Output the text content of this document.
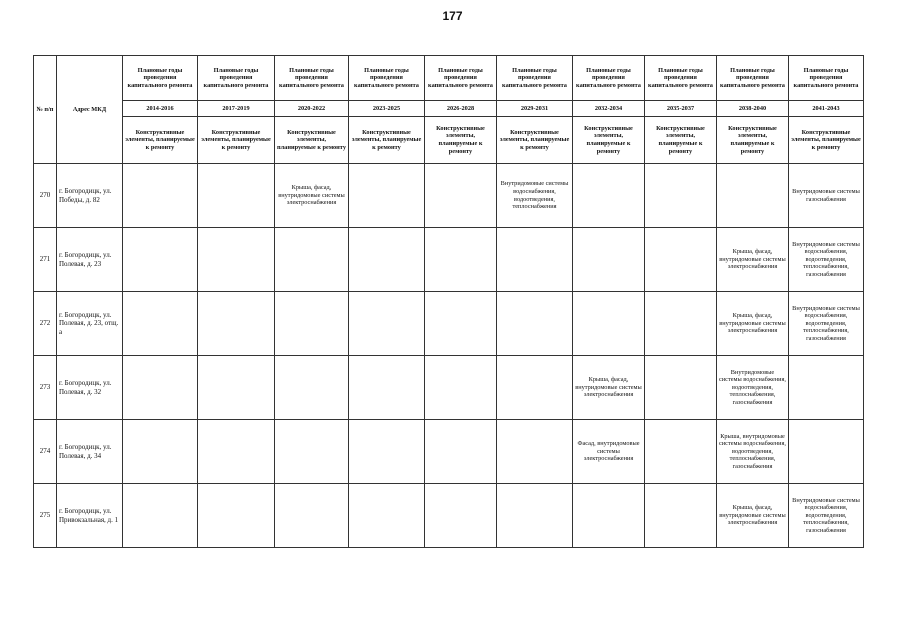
177
№ п/п	Адрес МКД	Плановые годы проведения капитального ремонта	Плановые годы проведения капитального ремонта	Плановые годы проведения капитального ремонта	Плановые годы проведения капитального ремонта	Плановые годы проведения капитального ремонта	Плановые годы проведения капитального ремонта	Плановые годы проведения капитального ремонта	Плановые годы проведения капитального ремонта	Плановые годы проведения капитального ремонта	Плановые годы проведения капитального ремонта
		2014-2016	2017-2019	2020-2022	2023-2025	2026-2028	2029-2031	2032-2034	2035-2037	2038-2040	2041-2043
		Конструктивные элементы, планируемые к ремонту	Конструктивные элементы, планируемые к ремонту	Конструктивные элементы, планируемые к ремонту	Конструктивные элементы, планируемые к ремонту	Конструктивные элементы, планируемые к ремонту	Конструктивные элементы, планируемые к ремонту	Конструктивные элементы, планируемые к ремонту	Конструктивные элементы, планируемые к ремонту	Конструктивные элементы, планируемые к ремонту	Конструктивные элементы, планируемые к ремонту
270	г. Богородицк, ул. Победы, д. 82			Крыша, фасад, внутридомовые системы электроснабжения			Внутридомовые системы водоснабжения, водоотведения, теплоснабжения				Внутридомовые системы газоснабжения
271	г. Богородицк, ул. Полевая, д. 23									Крыша, фасад, внутридомовые системы электроснабжения	Внутридомовые системы водоснабжения, водоотведения, теплоснабжения, газоснабжения
272	г. Богородицк, ул. Полевая, д. 23, отщ. а									Крыша, фасад, внутридомовые системы электроснабжения	Внутридомовые системы водоснабжения, водоотведения, теплоснабжения, газоснабжения
273	г. Богородицк, ул. Полевая, д. 32							Крыша, фасад, внутридомовые системы электроснабжения		Внутридомовые системы водоснабжения, водоотведения, теплоснабжения, газоснабжения	
274	г. Богородицк, ул. Полевая, д. 34							Фасад, внутридомовые системы электроснабжения		Крыша, внутридомовые системы водоснабжения, водоотведения, теплоснабжения, газоснабжения	
275	г. Богородицк, ул. Привокзальная, д. 1									Крыша, фасад, внутридомовые системы электроснабжения	Внутридомовые системы водоснабжения, водоотведения, теплоснабжения, газоснабжения
